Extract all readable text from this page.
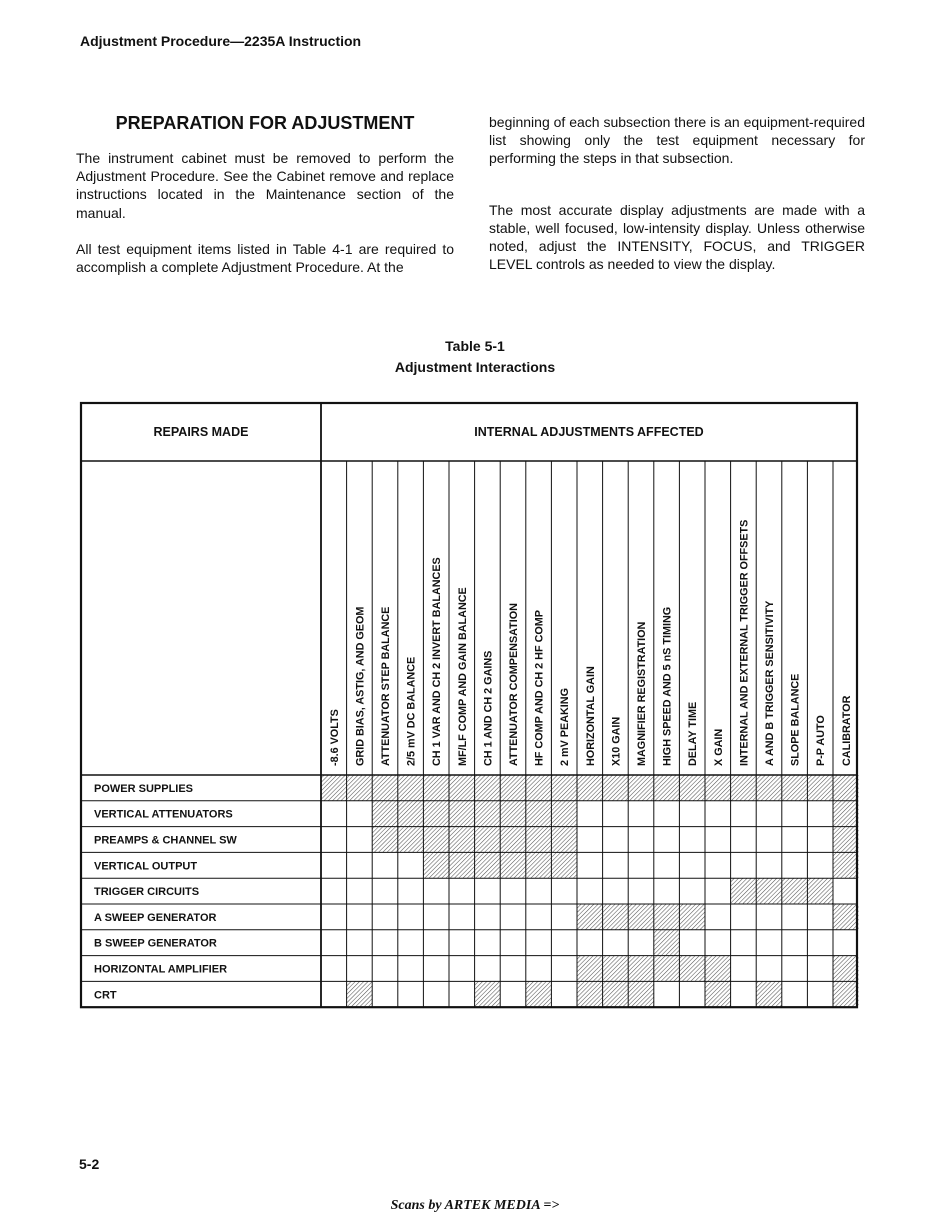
Adjustment Procedure—2235A Instruction
PREPARATION FOR ADJUSTMENT

The instrument cabinet must be removed to perform the Adjustment Procedure. See the Cabinet remove and replace instructions located in the Maintenance section of the manual.

All test equipment items listed in Table 4-1 are required to accomplish a complete Adjustment Procedure. At the

beginning of each subsection there is an equipment-required list showing only the test equipment necessary for performing the steps in that subsection.

The most accurate display adjustments are made with a stable, well focused, low-intensity display. Unless otherwise noted, adjust the INTENSITY, FOCUS, and TRIGGER LEVEL controls as needed to view the display.

Table 5-1
Adjustment Interactions
REPAIRS MADE	INTERNAL ADJUSTMENTS AFFECTED
-8.6 VOLTS GRID BIAS, ASTIG, AND GEOM ATTENUATOR STEP BALANCE 2/5 mV DC BALANCE CH 1 VAR AND CH 2 INVERT BALANCES MF/LF COMP AND GAIN BALANCE CH 1 AND CH 2 GAINS ATTENUATOR COMPENSATION HF COMP AND CH 2 HF COMP 2 mV PEAKING HORIZONTAL GAIN X10 GAIN MAGNIFIER REGISTRATION HIGH SPEED AND 5 nS TIMING DELAY TIME X GAIN INTERNAL AND EXTERNAL TRIGGER OFFSETS A AND B TRIGGER SENSITIVITY SLOPE BALANCE P-P AUTO CALIBRATOR
POWER SUPPLIES
VERTICAL ATTENUATORS
PREAMPS & CHANNEL SW
VERTICAL OUTPUT
TRIGGER CIRCUITS
A SWEEP GENERATOR
B SWEEP GENERATOR
HORIZONTAL AMPLIFIER
CRT
5-2
Scans by ARTEK MEDIA =>
